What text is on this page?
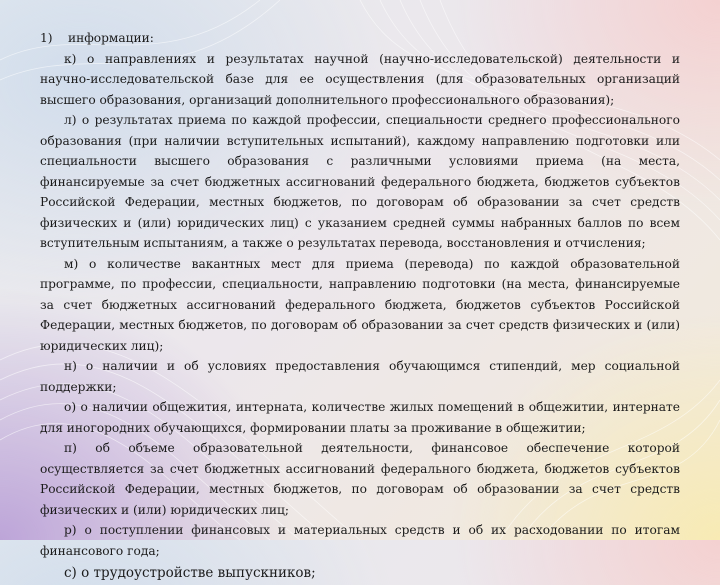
1)	информации:

к) о направлениях и результатах научной (научно-исследовательской) деятельности и научно-исследовательской базе для ее осуществления (для образовательных организаций высшего образования, организаций дополнительного профессионального образования);

л) о результатах приема по каждой профессии, специальности среднего профессионального образования (при наличии вступительных испытаний), каждому направлению подготовки или специальности высшего образования с различными условиями приема (на места, финансируемые за счет бюджетных ассигнований федерального бюджета, бюджетов субъектов Российской Федерации, местных бюджетов, по договорам об образовании за счет средств физических и (или) юридических лиц) с указанием средней суммы набранных баллов по всем вступительным испытаниям, а также о результатах перевода, восстановления и отчисления;

м) о количестве вакантных мест для приема (перевода) по каждой образовательной программе, по профессии, специальности, направлению подготовки (на места, финансируемые за счет бюджетных ассигнований федерального бюджета, бюджетов субъектов Российской Федерации, местных бюджетов, по договорам об образовании за счет средств физических и (или) юридических лиц);

н) о наличии и об условиях предоставления обучающимся стипендий, мер социальной поддержки;

о) о наличии общежития, интерната, количестве жилых помещений в общежитии, интернате для иногородних обучающихся, формировании платы за проживание в общежитии;

п) об объеме образовательной деятельности, финансовое обеспечение которой осуществляется за счет бюджетных ассигнований федерального бюджета, бюджетов субъектов Российской Федерации, местных бюджетов, по договорам об образовании за счет средств физических и (или) юридических лиц;

р) о поступлении финансовых и материальных средств и об их расходовании по итогам финансового года;

с) о трудоустройстве выпускников;
